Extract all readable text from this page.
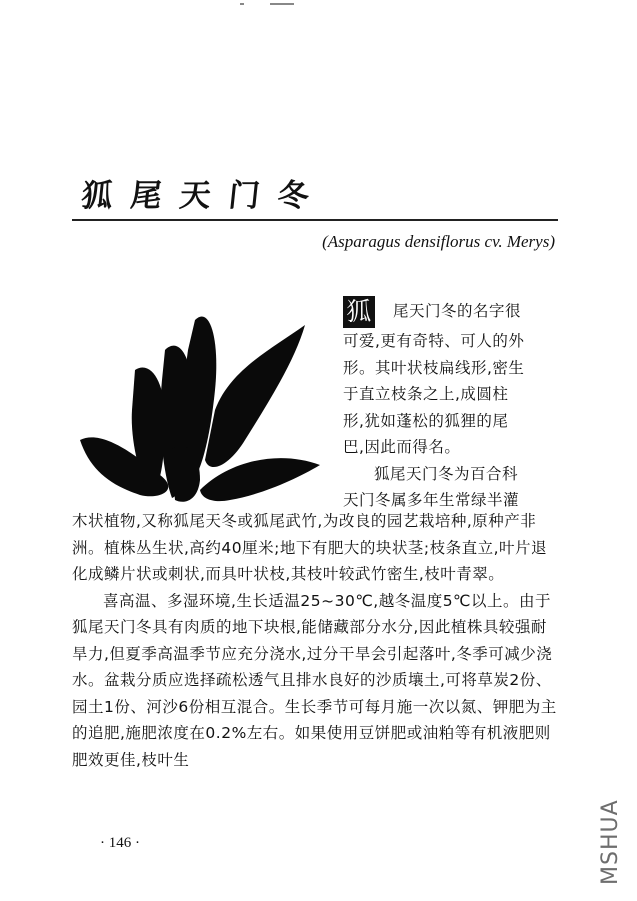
狐尾天门冬
(Asparagus densiflorus cv. Merys)
狐 尾天门冬的名字很
可爱,更有奇特、可人的外
形。其叶状枝扁线形,密生
于直立枝条之上,成圆柱
形,犹如蓬松的狐狸的尾
巴,因此而得名。
狐尾天门冬为百合科
天门冬属多年生常绿半灌

木状植物,又称狐尾天冬或狐尾武竹,为改良的园艺栽培种,原种产非洲。植株丛生状,高约40厘米;地下有肥大的块状茎;枝条直立,叶片退化成鳞片状或刺状,而具叶状枝,其枝叶较武竹密生,枝叶青翠。

喜高温、多湿环境,生长适温25~30℃,越冬温度5℃以上。由于狐尾天门冬具有肉质的地下块根,能储藏部分水分,因此植株具较强耐旱力,但夏季高温季节应充分浇水,过分干旱会引起落叶,冬季可减少浇水。盆栽分质应选择疏松透气且排水良好的沙质壤土,可将草炭2份、园土1份、河沙6份相互混合。生长季节可每月施一次以氮、钾肥为主的追肥,施肥浓度在0.2%左右。如果使用豆饼肥或油粕等有机液肥则肥效更佳,枝叶生

· 146 ·	MSHUA
